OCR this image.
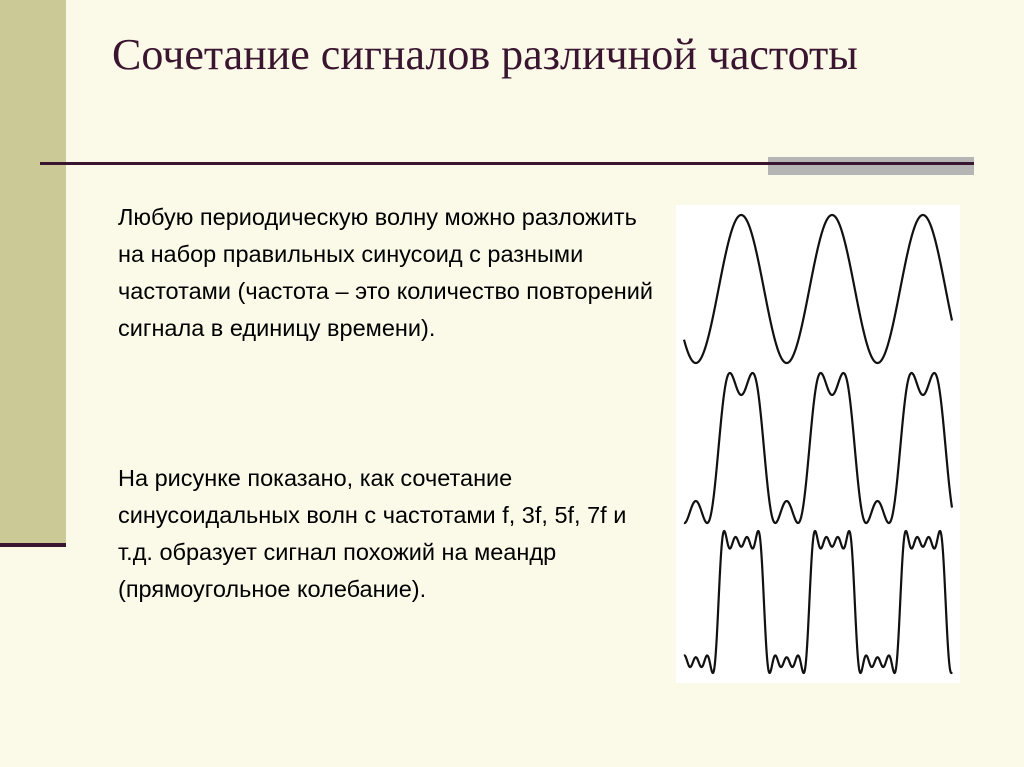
Сочетание сигналов различной частоты

Любую периодическую волну можно разложить на набор правильных синусоид с разными частотами (частота – это количество повторений сигнала в единицу времени).

На рисунке показано, как сочетание синусоидальных волн с частотами f, 3f, 5f, 7f и т.д. образует сигнал похожий на меандр (прямоугольное колебание).
